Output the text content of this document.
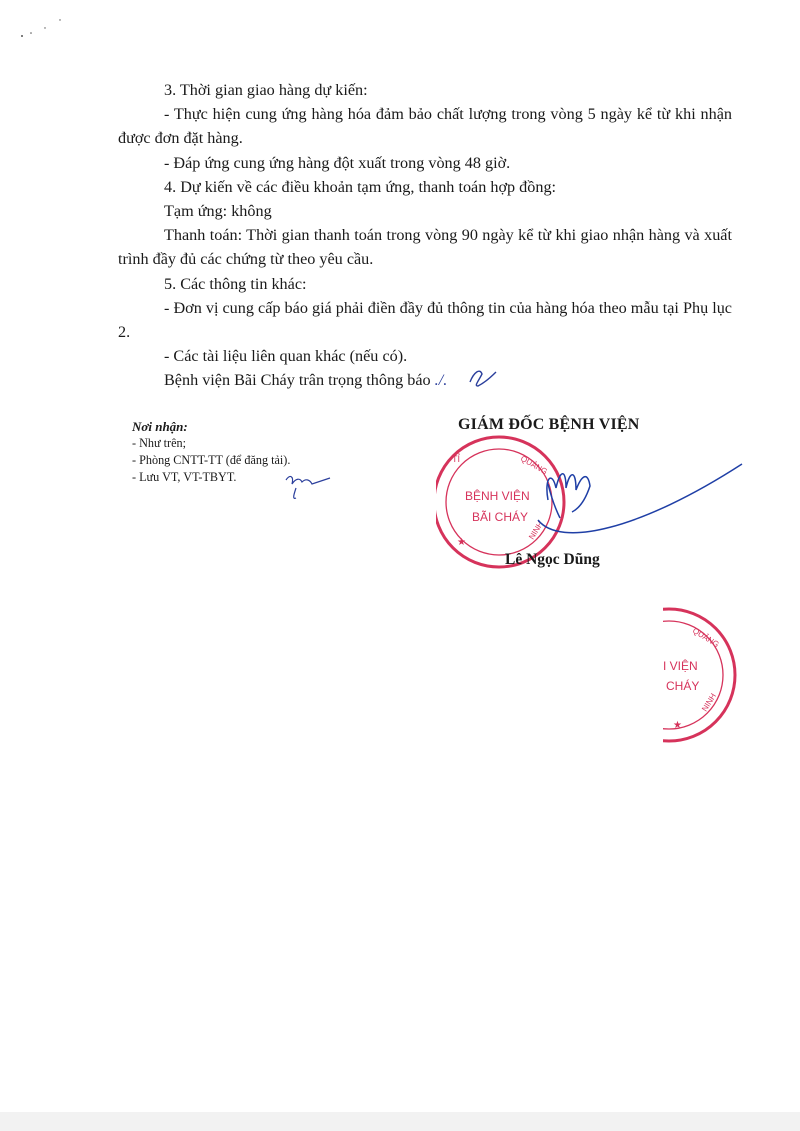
3. Thời gian giao hàng dự kiến:

- Thực hiện cung ứng hàng hóa đảm bảo chất lượng trong vòng 5 ngày kể từ khi nhận được đơn đặt hàng.

- Đáp ứng cung ứng hàng đột xuất trong vòng 48 giờ.

4. Dự kiến về các điều khoản tạm ứng, thanh toán hợp đồng:

Tạm ứng: không

Thanh toán: Thời gian thanh toán trong vòng 90 ngày kể từ khi giao nhận hàng và xuất trình đầy đủ các chứng từ theo yêu cầu.

5. Các thông tin khác:

- Đơn vị cung cấp báo giá phải điền đầy đủ thông tin của hàng hóa theo mẫu tại Phụ lục 2.

- Các tài liệu liên quan khác (nếu có).

Bệnh viện Bãi Cháy trân trọng thông báo ./.

Nơi nhận:
- Như trên;
- Phòng CNTT-TT (để đăng tải).
- Lưu VT, VT-TBYT.
GIÁM ĐỐC BỆNH VIỆN
TỈ	QUẢNG
NINH
BỆNH VIỆN
BÃI CHÁY
★
QUẢNG
NINH
I VIỆN
CHÁY
★
Lê Ngọc Dũng
